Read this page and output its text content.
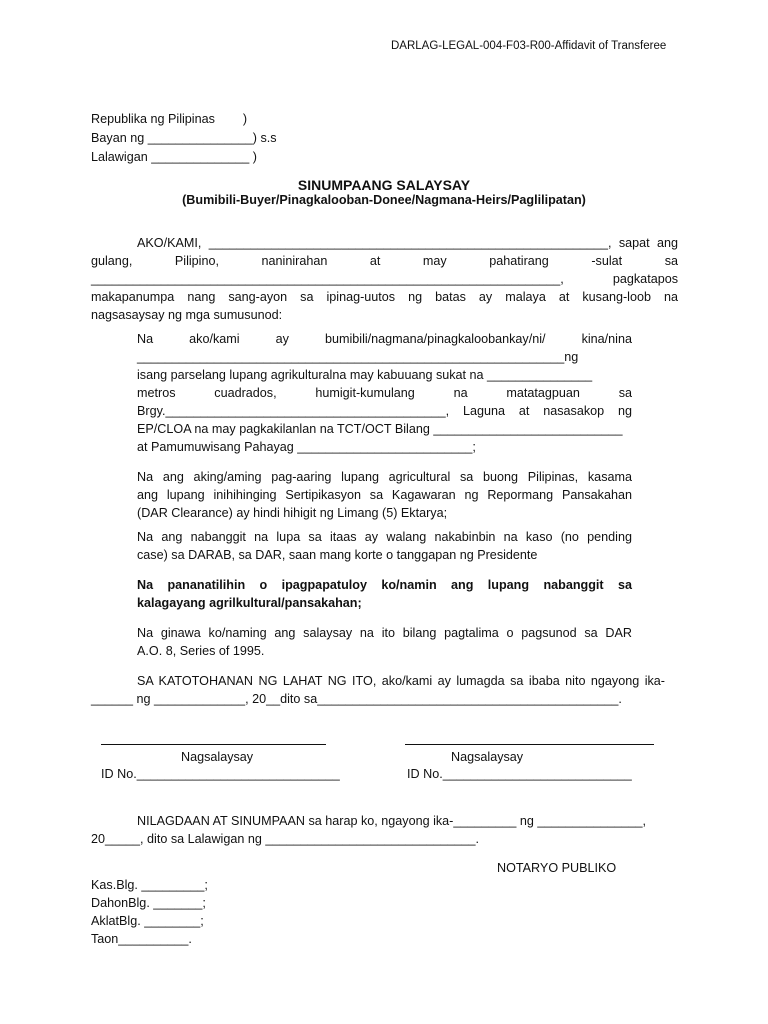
DARLAG-LEGAL-004-F03-R00-Affidavit of Transferee
Republika ng Pilipinas        )
Bayan ng _______________) s.s
Lalawigan ______________ )
SINUMPAANG SALAYSAY
(Bumibili-Buyer/Pinagkalooban-Donee/Nagmana-Heirs/Paglilipatan)
AKO/KAMI, _________________________________________________________, sapat ang
gulang, Pilipino, naninirahan at may pahatirang -sulat sa
___________________________________________________________________, pagkatapos
makapanumpa nang sang-ayon sa ipinag-uutos ng batas ay malaya at kusang-loob na
nagsasaysay ng mga sumusunod:
Na ako/kami ay bumibili/nagmana/pinagkaloobankay/ni/ kina/nina
_____________________________________________________________ng
isang parselang lupang agrikulturalna may kabuuang sukat na _______________
metros cuadrados, humigit-kumulang na matatagpuan sa
Brgy.________________________________________, Laguna at nasasakop ng
EP/CLOA na may pagkakilanlan na TCT/OCT Bilang ___________________________
at Pamumuwisang Pahayag _________________________;
Na ang aking/aming pag-aaring lupang agricultural sa buong Pilipinas, kasama
ang lupang inihihinging Sertipikasyon sa Kagawaran ng Repormang Pansakahan
(DAR Clearance) ay hindi hihigit ng Limang (5) Ektarya;
Na ang nabanggit na lupa sa itaas ay walang nakabinbin na kaso (no pending
case) sa DARAB, sa DAR, saan mang korte o tanggapan ng Presidente
Na pananatilihin o ipagpapatuloy ko/namin ang lupang nabanggit sa
kalagayang agrilkultural/pansakahan;
Na ginawa ko/naming ang salaysay na ito bilang pagtalima o pagsunod sa DAR
A.O. 8, Series of 1995.
SA KATOTOHANAN NG LAHAT NG ITO, ako/kami ay lumagda sa ibaba nito ngayong ika-
______ ng _____________, 20__dito sa___________________________________________.
Nagsalaysay	Nagsalaysay
ID No._____________________________	ID No.___________________________
NILAGDAAN AT SINUMPAAN sa harap ko, ngayong ika-_________ ng _______________,
20_____, dito sa Lalawigan ng ______________________________.
NOTARYO PUBLIKO
Kas.Blg. _________;
DahonBlg. _______;
AklatBlg. ________;
Taon__________.
